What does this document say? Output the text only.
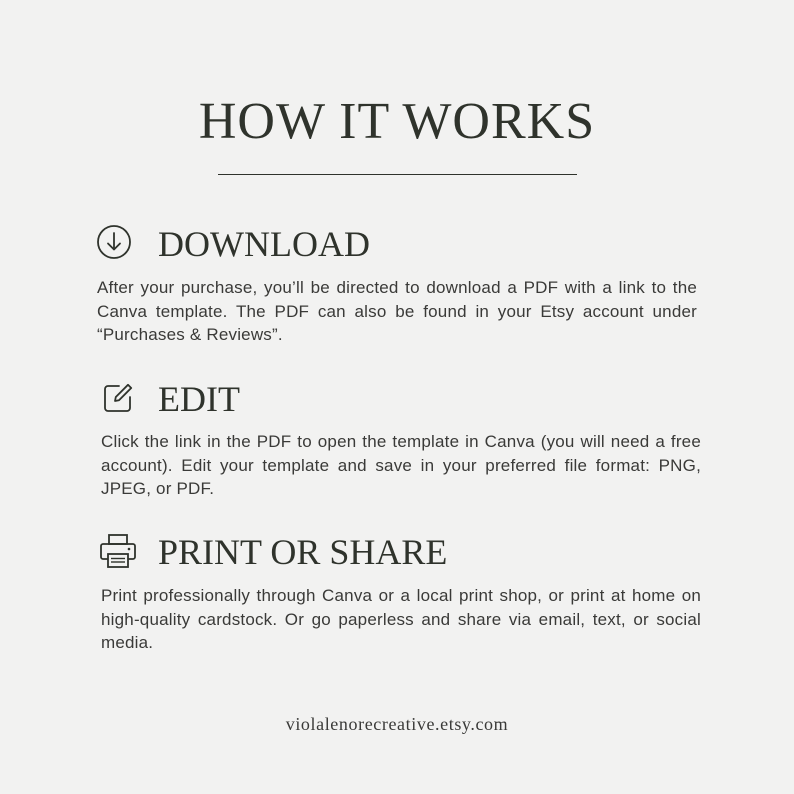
HOW IT WORKS
DOWNLOAD
After your purchase, you’ll be directed to download a PDF with a link to the Canva template. The PDF can also be found in your Etsy account under “Purchases & Reviews”.
EDIT
Click the link in the PDF to open the template in Canva (you will need a free account). Edit your template and save in your preferred file format: PNG, JPEG, or PDF.
PRINT OR SHARE
Print professionally through Canva or a local print shop, or print at home on high-quality cardstock. Or go paperless and share via email, text, or social media.
violalenorecreative.etsy.com
